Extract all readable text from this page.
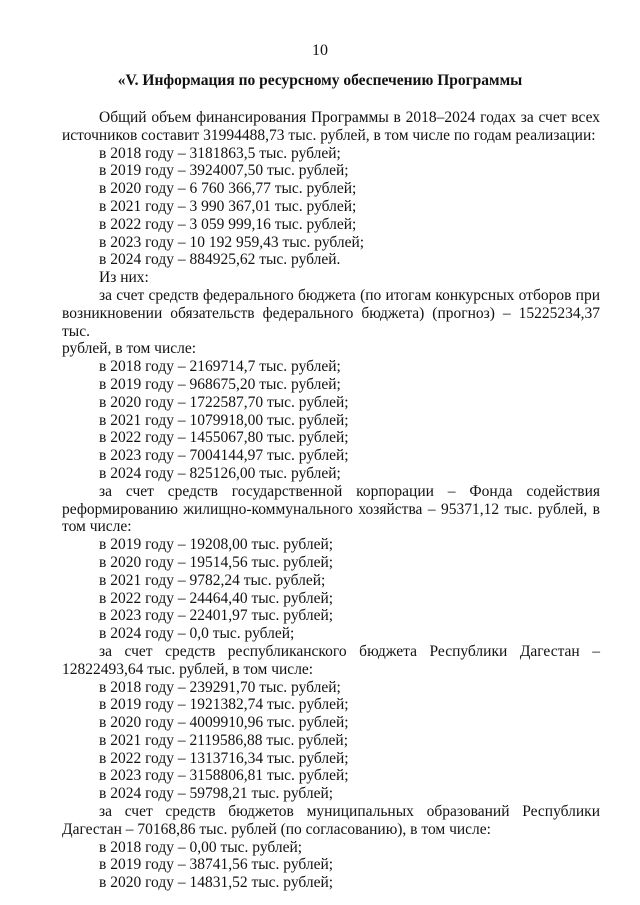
10
«V. Информация по ресурсному обеспечению Программы

Общий объем финансирования Программы в 2018–2024 годах за счет всех

источников составит 31994488,73 тыс. рублей, в том числе по годам реализации:

в 2018 году – 3181863,5 тыс. рублей;

в 2019 году – 3924007,50 тыс. рублей;

в 2020 году – 6 760 366,77 тыс. рублей;

в 2021 году – 3 990 367,01 тыс. рублей;

в 2022 году – 3 059 999,16 тыс. рублей;

в 2023 году – 10 192 959,43 тыс. рублей;

в 2024 году – 884925,62 тыс. рублей.

Из них:

за счет средств федерального бюджета (по итогам конкурсных отборов при

возникновении обязательств федерального бюджета) (прогноз) – 15225234,37 тыс.

рублей, в том числе:

в 2018 году – 2169714,7 тыс. рублей;

в 2019 году – 968675,20 тыс. рублей;

в 2020 году – 1722587,70 тыс. рублей;

в 2021 году – 1079918,00 тыс. рублей;

в 2022 году – 1455067,80 тыс. рублей;

в 2023 году – 7004144,97 тыс. рублей;

в 2024 году – 825126,00 тыс. рублей;

за счет средств государственной корпорации – Фонда содействия

реформированию жилищно-коммунального хозяйства – 95371,12 тыс. рублей, в

том числе:

в 2019 году – 19208,00 тыс. рублей;

в 2020 году – 19514,56 тыс. рублей;

в 2021 году – 9782,24 тыс. рублей;

в 2022 году – 24464,40 тыс. рублей;

в 2023 году – 22401,97 тыс. рублей;

в 2024 году – 0,0 тыс. рублей;

за счет средств республиканского бюджета Республики Дагестан –

12822493,64 тыс. рублей, в том числе:

в 2018 году – 239291,70 тыс. рублей;

в 2019 году – 1921382,74 тыс. рублей;

в 2020 году – 4009910,96 тыс. рублей;

в 2021 году – 2119586,88 тыс. рублей;

в 2022 году – 1313716,34 тыс. рублей;

в 2023 году – 3158806,81 тыс. рублей;

в 2024 году – 59798,21 тыс. рублей;

за счет средств бюджетов муниципальных образований Республики

Дагестан – 70168,86 тыс. рублей (по согласованию), в том числе:

в 2018 году – 0,00 тыс. рублей;

в 2019 году – 38741,56 тыс. рублей;

в 2020 году – 14831,52 тыс. рублей;
